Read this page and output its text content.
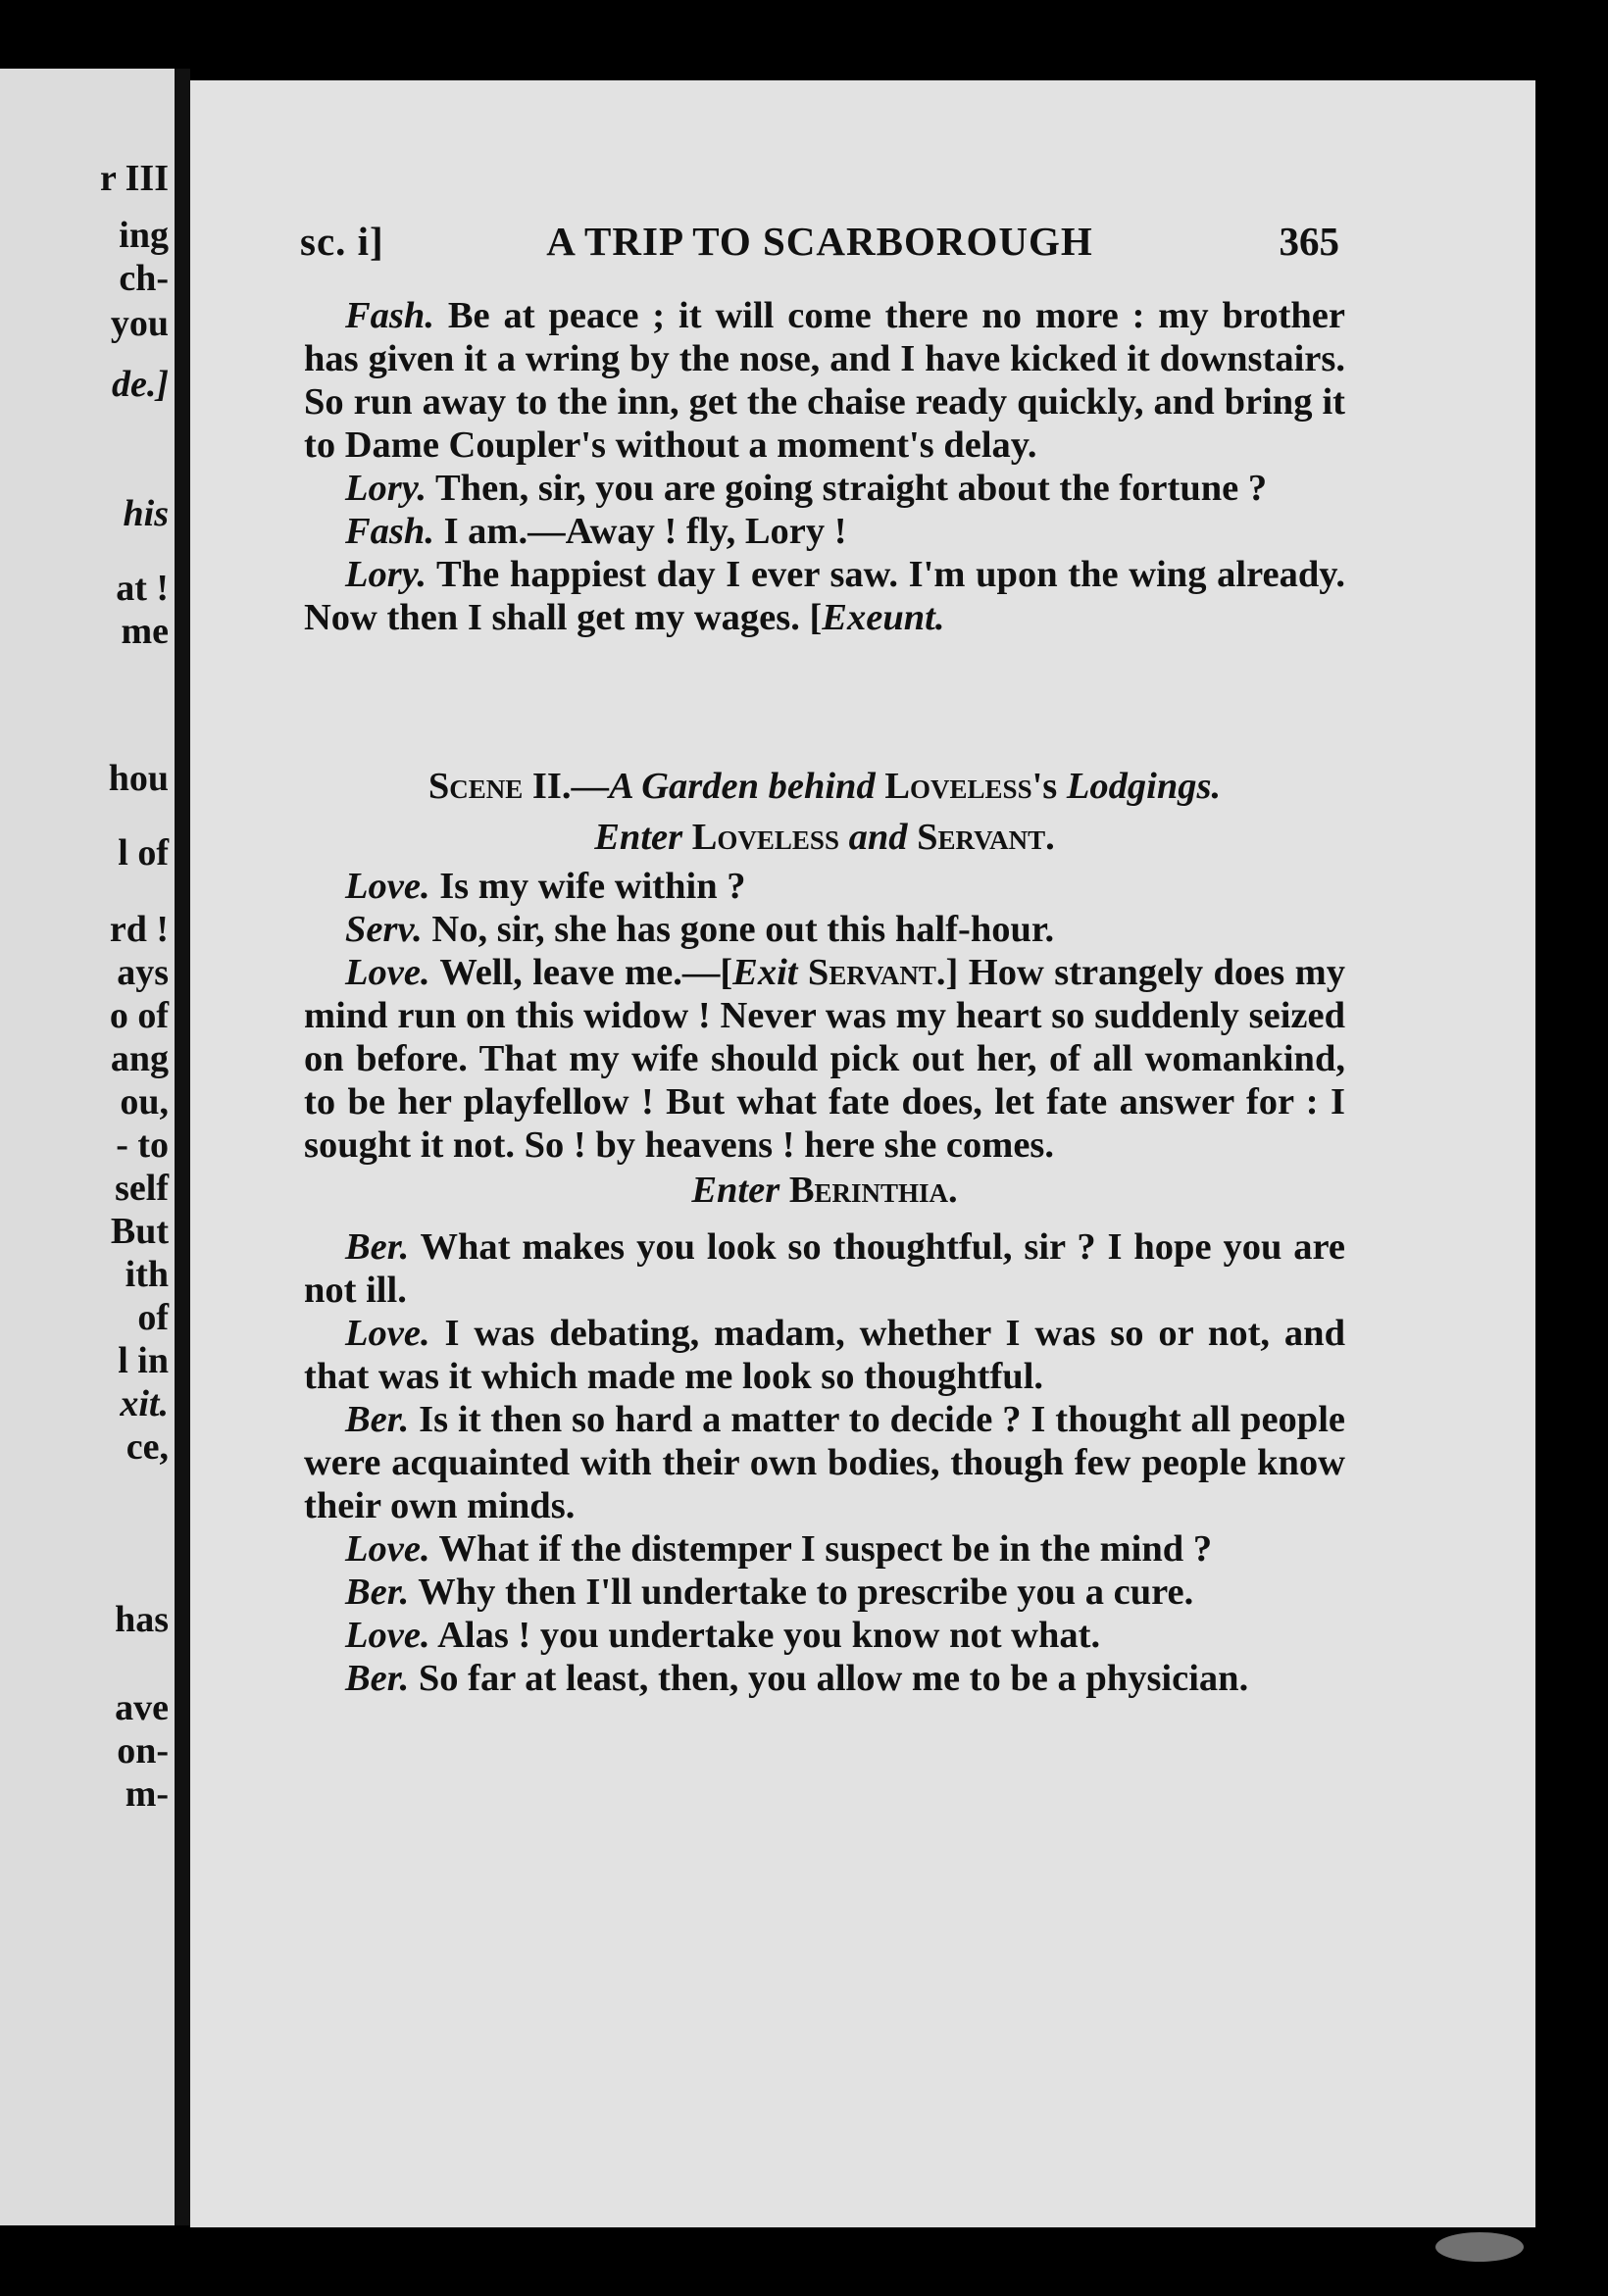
r III
ing
ch-
you
de.]
his
at !
me
hou
l of
rd !
ays
o of
ang
ou,
- to
self
But
ith
of
l in
xit.
ce,
has
ave
on-
m-
sc. i]	A TRIP TO SCARBOROUGH	365

Fash. Be at peace ; it will come there no more : my brother has given it a wring by the nose, and I have kicked it downstairs. So run away to the inn, get the chaise ready quickly, and bring it to Dame Coupler's without a moment's delay.

Lory. Then, sir, you are going straight about the fortune ?

Fash. I am.—Away ! fly, Lory !

Lory. The happiest day I ever saw. I'm upon the wing already. Now then I shall get my wages. [Exeunt.

Scene II.—A Garden behind Loveless's Lodgings.

Enter Loveless and Servant.

Love. Is my wife within ?

Serv. No, sir, she has gone out this half-hour.

Love. Well, leave me.—[Exit Servant.] How strangely does my mind run on this widow ! Never was my heart so suddenly seized on before. That my wife should pick out her, of all womankind, to be her playfellow ! But what fate does, let fate answer for : I sought it not. So ! by heavens ! here she comes.

Enter Berinthia.

Ber. What makes you look so thoughtful, sir ? I hope you are not ill.

Love. I was debating, madam, whether I was so or not, and that was it which made me look so thoughtful.

Ber. Is it then so hard a matter to decide ? I thought all people were acquainted with their own bodies, though few people know their own minds.

Love. What if the distemper I suspect be in the mind ?

Ber. Why then I'll undertake to prescribe you a cure.

Love. Alas ! you undertake you know not what.

Ber. So far at least, then, you allow me to be a physician.
